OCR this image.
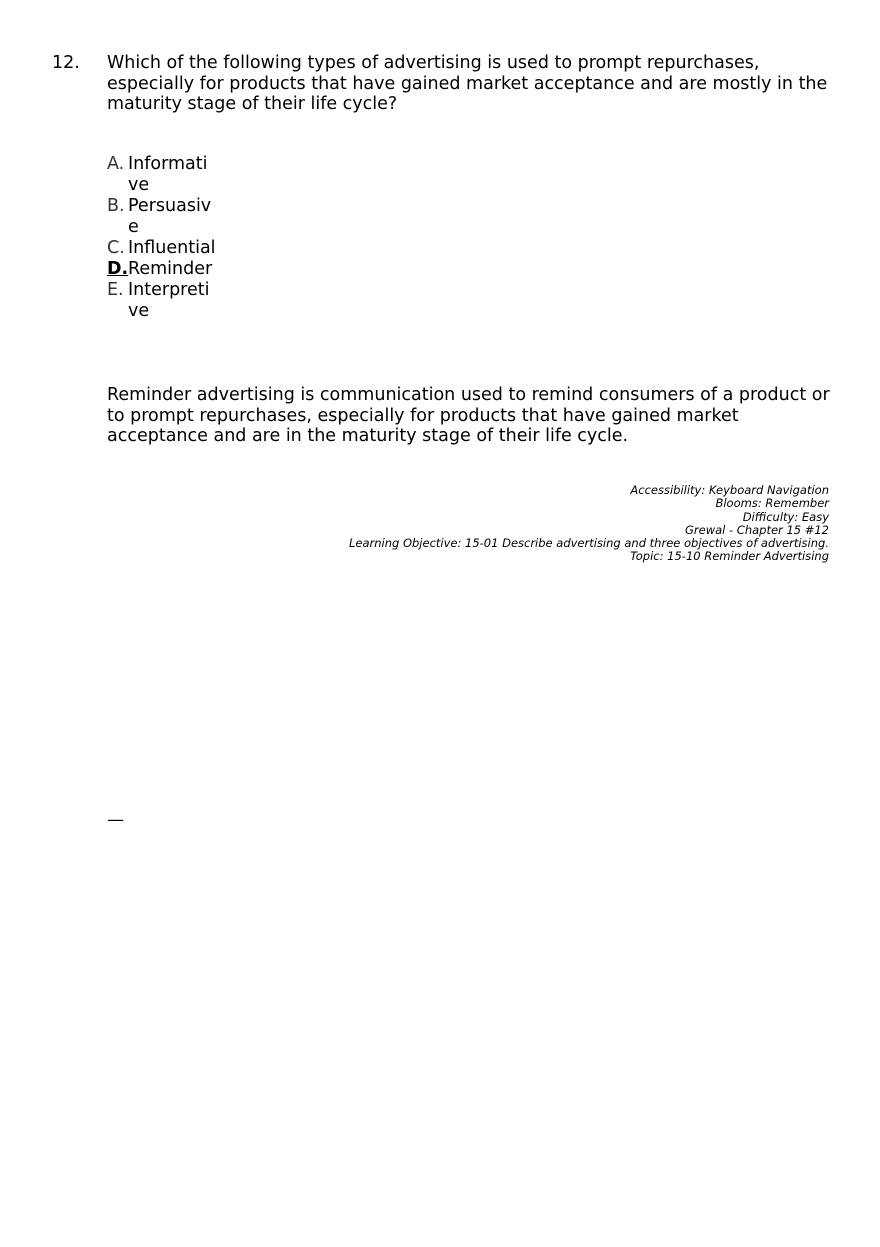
12. Which of the following types of advertising is used to prompt repurchases, especially for products that have gained market acceptance and are mostly in the maturity stage of their life cycle?
A. Informative
B. Persuasive
C. Influential
D. Reminder
E. Interpretive
Reminder advertising is communication used to remind consumers of a product or to prompt repurchases, especially for products that have gained market acceptance and are in the maturity stage of their life cycle.
Accessibility: Keyboard Navigation
Blooms: Remember
Difficulty: Easy
Grewal - Chapter 15 #12
Learning Objective: 15-01 Describe advertising and three objectives of advertising.
Topic: 15-10 Reminder Advertising
—
